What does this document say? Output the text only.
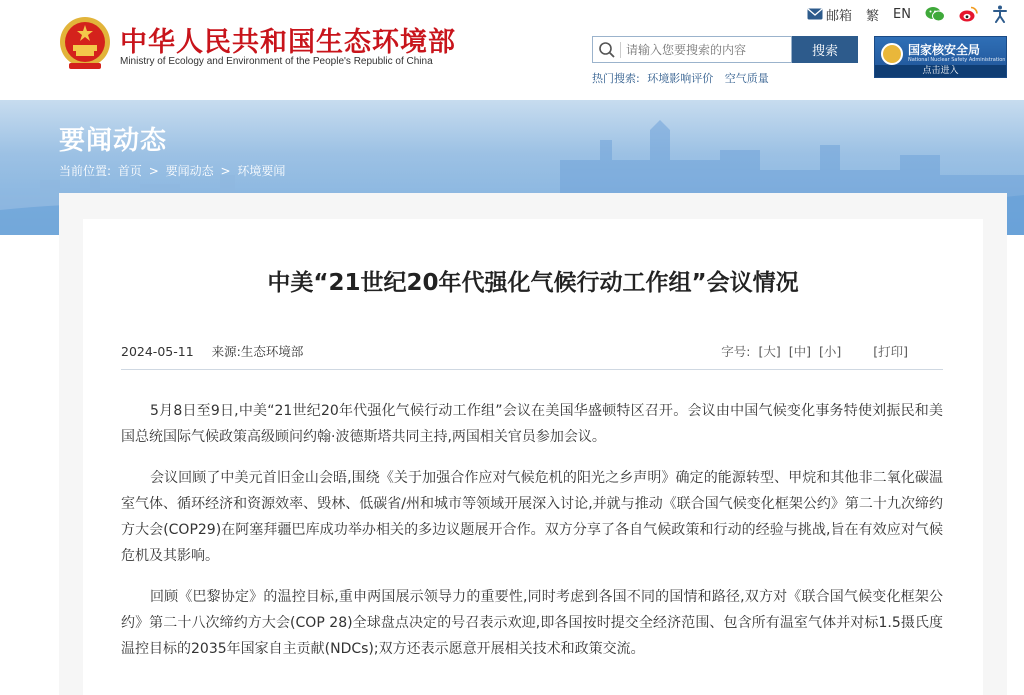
中华人民共和国生态环境部
Ministry of Ecology and Environment of the People's Republic of China
邮箱 繁 EN
请输入您要搜索的内容
搜索
热门搜索: 环境影响评价 空气质量
国家核安全局
National Nuclear Safety Administration
点击进入
要闻动态
当前位置: 首页 > 要闻动态 > 环境要闻
中美“21世纪20年代强化气候行动工作组”会议情况
2024-05-11 来源:生态环境部	字号: [大] [中] [小]	[打印]

5月8日至9日,中美“21世纪20年代强化气候行动工作组”会议在美国华盛顿特区召开。会议由中国气候变化事务特使刘振民和美国总统国际气候政策高级顾问约翰·波德斯塔共同主持,两国相关官员参加会议。

会议回顾了中美元首旧金山会晤,围绕《关于加强合作应对气候危机的阳光之乡声明》确定的能源转型、甲烷和其他非二氧化碳温室气体、循环经济和资源效率、毁林、低碳省/州和城市等领域开展深入讨论,并就与推动《联合国气候变化框架公约》第二十九次缔约方大会(COP29)在阿塞拜疆巴库成功举办相关的多边议题展开合作。双方分享了各自气候政策和行动的经验与挑战,旨在有效应对气候危机及其影响。

回顾《巴黎协定》的温控目标,重申两国展示领导力的重要性,同时考虑到各国不同的国情和路径,双方对《联合国气候变化框架公约》第二十八次缔约方大会(COP 28)全球盘点决定的号召表示欢迎,即各国按时提交全经济范围、包含所有温室气体并对标1.5摄氏度温控目标的2035年国家自主贡献(NDCs);双方还表示愿意开展相关技术和政策交流。
